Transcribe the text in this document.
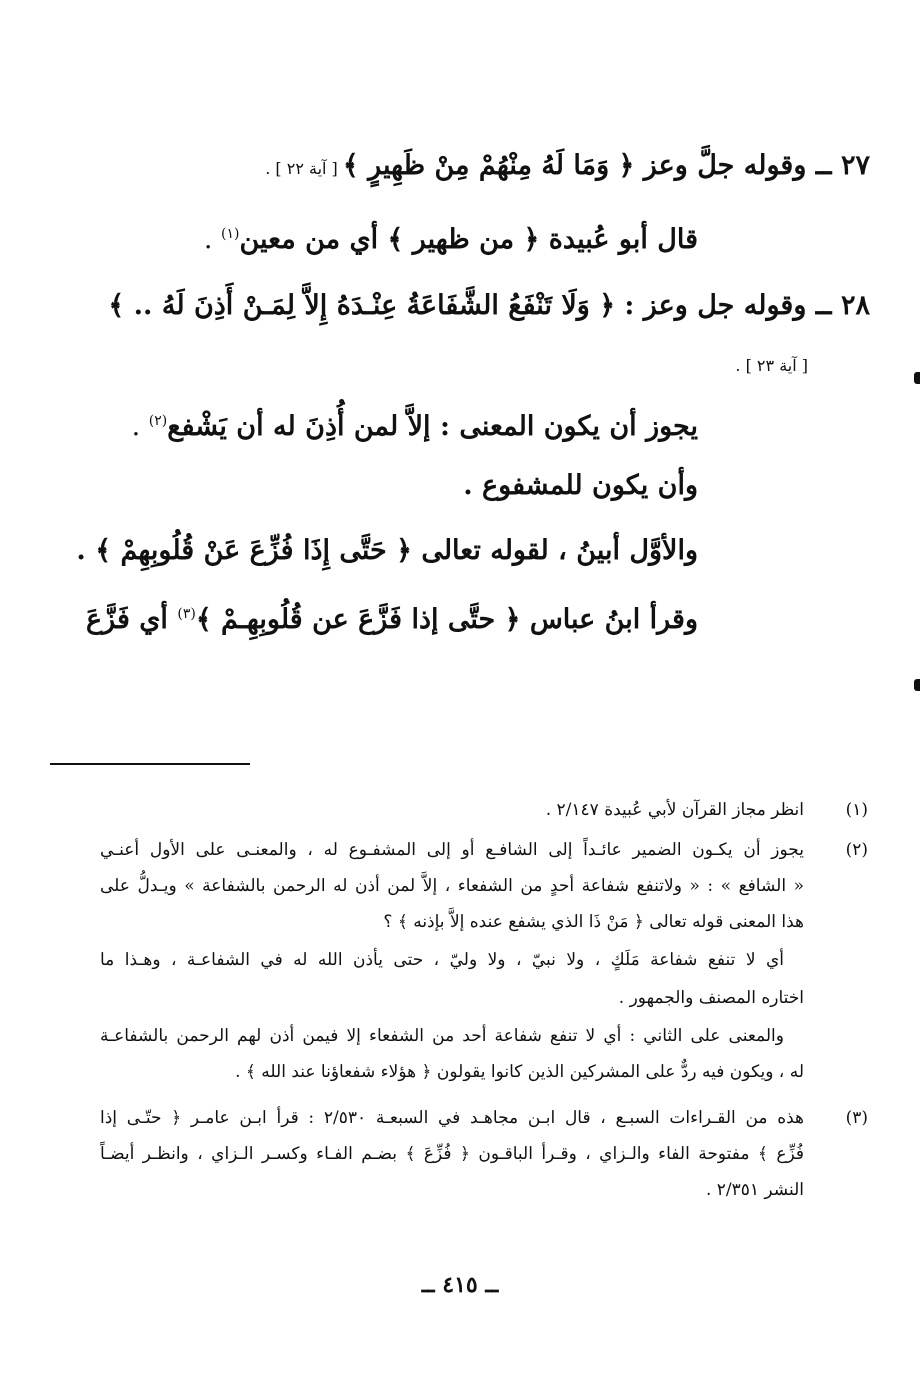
٢٧ ــ وقوله جلَّ وعز ﴿ وَمَا لَهُ مِنْهُمْ مِنْ ظَهِيرٍ ﴾ [ آية ٢٢ ] .
قال أبو عُبيدة ﴿ من ظهير ﴾ أي من معين$^{(١)}$ .
٢٨ ــ وقوله جل وعز : ﴿ وَلَا تَنْفَعُ الشَّفَاعَةُ عِنْـدَهُ إِلاَّ لِمَـنْ أَذِنَ لَهُ .. ﴾
[ آية ٢٣ ] .
يجوز أن يكون المعنى : إلاَّ لمن أُذِنَ له أن يَشْفع$^{(٢)}$ .
وأن يكون للمشفوع .
والأوَّل أبينُ ، لقوله تعالى ﴿ حَتَّى إِذَا فُزِّعَ عَنْ قُلُوبِهِمْ ﴾ .
وقرأ ابنُ عباس ﴿ حتَّى إذا فَزَّعَ عن قُلُوبِهِـمْ ﴾$^{(٣)}$ أي فَزَّعَ
(١)
انظر مجاز القرآن لأبي عُبيدة ٢/١٤٧ .
(٢)
يجوز أن يكـون الضمير عائـداً إلى الشافـع أو إلى المشفـوع له ، والمعنـى على الأول أعنـي
« الشافع » : « ولاتنفع شفاعة أحدٍ من الشفعاء ، إلاَّ لمن أذن له الرحمن بالشفاعة » ويـدلُّ على
هذا المعنى قوله تعالى ﴿ مَنْ ذَا الذي يشفع عنده إلاَّ بإذنه ﴾ ؟
أي لا تنفع شفاعة مَلَكٍ ، ولا نبيّ ، ولا وليّ ، حتى يأذن الله له في الشفاعـة ، وهـذا ما
اختاره المصنف والجمهور .
والمعنى على الثاني : أي لا تنفع شفاعة أحد من الشفعاء إلا فيمن أذن لهم الرحمن بالشفاعـة
له ، ويكون فيه ردٌّ على المشركين الذين كانوا يقولون ﴿ هؤلاء شفعاؤنا عند الله ﴾ .
(٣)
هذه من القـراءات السبـع ، قال ابـن مجاهـد في السبعـة ٢/٥٣٠ : قرأ ابـن عامـر ﴿ حتّـى إذا
فُزِّع ﴾ مفتوحة الفاء والـزاي ، وقـرأ الباقـون ﴿ فُزِّعَ ﴾ بضـم الفـاء وكسـر الـزاي ، وانظـر أيضـاً
النشر ٢/٣٥١ .
ــ ٤١٥ ــ
